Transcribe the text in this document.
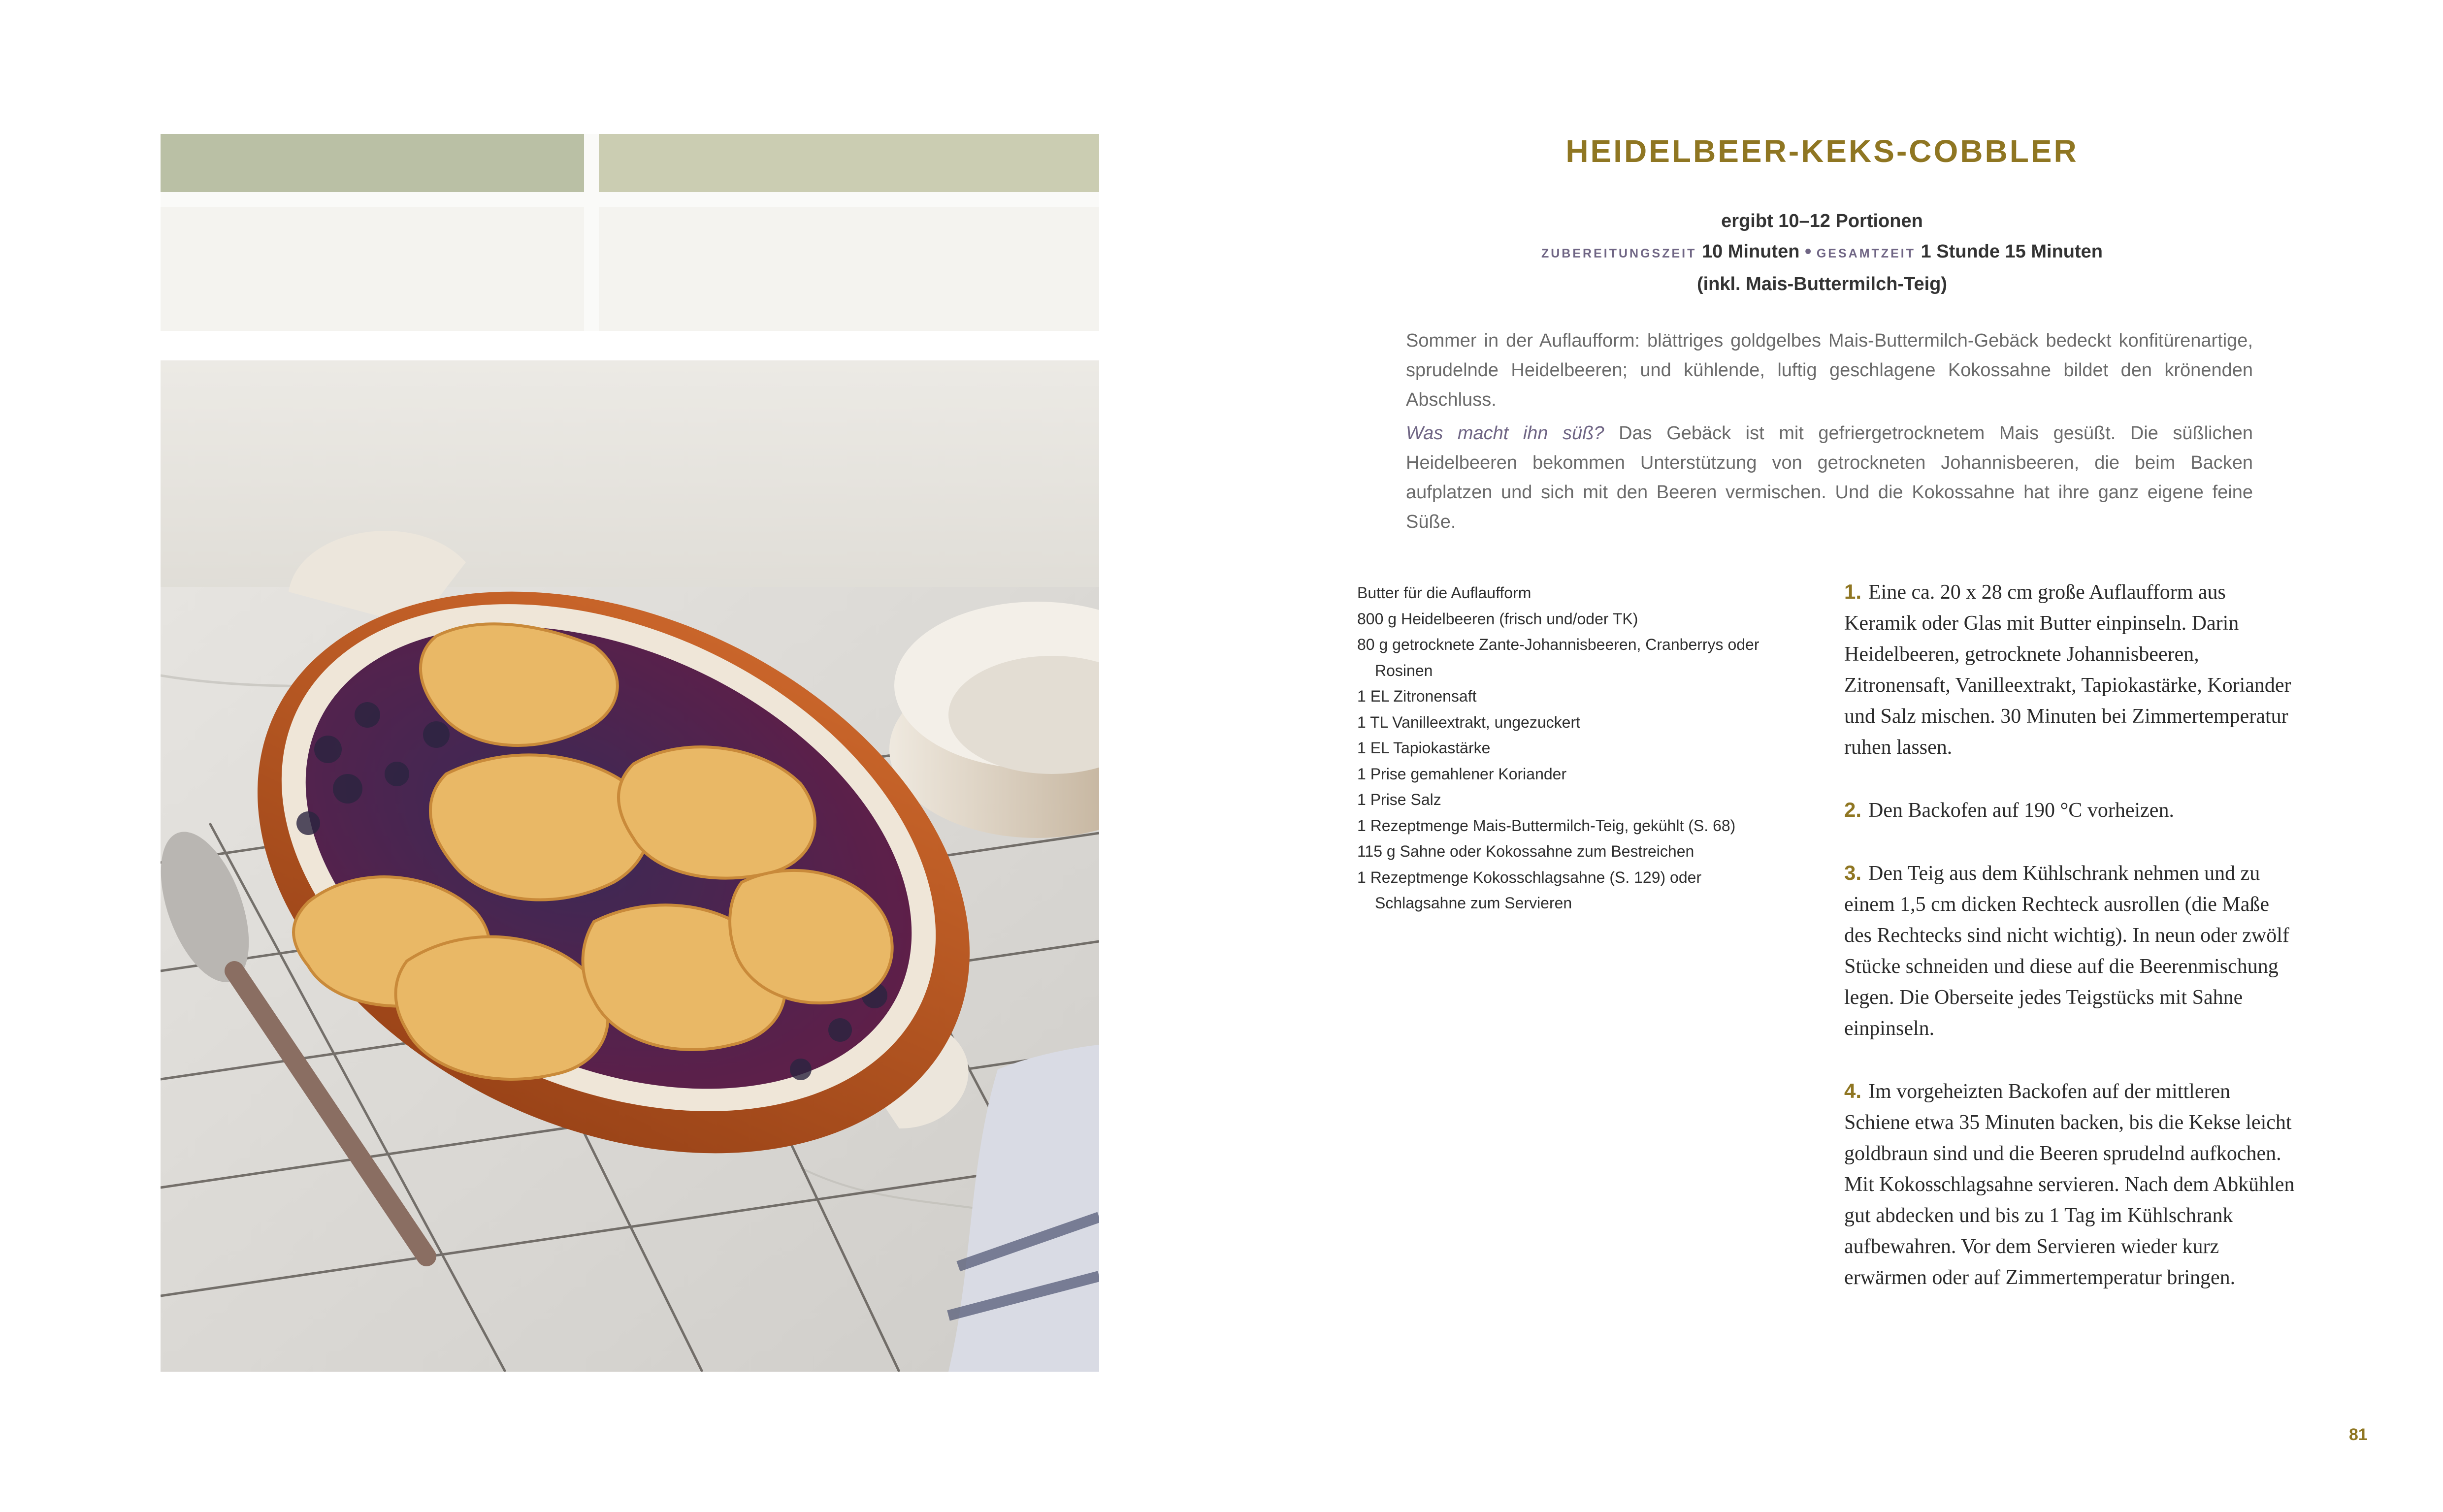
HEIDELBEER-KEKS-COBBLER
ergibt 10–12 Portionen
ZUBEREITUNGSZEIT 10 Minuten • GESAMTZEIT 1 Stunde 15 Minuten
(inkl. Mais-Buttermilch-Teig)

Sommer in der Auflaufform: blättriges goldgelbes Mais-Buttermilch-Gebäck bedeckt konfitürenartige, sprudelnde Heidelbeeren; und kühlende, luftig geschlagene Kokossahne bildet den krönenden Abschluss.

Was macht ihn süß? Das Gebäck ist mit gefriergetrocknetem Mais gesüßt. Die süßlichen Heidelbeeren bekommen Unterstützung von getrockneten Johannisbeeren, die beim Backen aufplatzen und sich mit den Beeren vermischen. Und die Kokossahne hat ihre ganz eigene feine Süße.

Butter für die Auflaufform
800 g Heidelbeeren (frisch und/oder TK)
80 g getrocknete Zante-Johannisbeeren, Cranberrys oder Rosinen
1 EL Zitronensaft
1 TL Vanilleextrakt, ungezuckert
1 EL Tapiokastärke
1 Prise gemahlener Koriander
1 Prise Salz
1 Rezeptmenge Mais-Buttermilch-Teig, gekühlt (S. 68)
115 g Sahne oder Kokossahne zum Bestreichen
1 Rezeptmenge Kokosschlagsahne (S. 129) oder Schlagsahne zum Servieren
1. Eine ca. 20 x 28 cm große Auflaufform aus Keramik oder Glas mit Butter einpinseln. Darin Heidelbeeren, getrocknete Johannisbeeren, Zitronensaft, Vanilleextrakt, Tapiokastärke, Koriander und Salz mischen. 30 Minuten bei Zimmertemperatur ruhen lassen.
2. Den Backofen auf 190 °C vorheizen.
3. Den Teig aus dem Kühlschrank nehmen und zu einem 1,5 cm dicken Rechteck ausrollen (die Maße des Rechtecks sind nicht wichtig). In neun oder zwölf Stücke schneiden und diese auf die Beerenmischung legen. Die Oberseite jedes Teigstücks mit Sahne einpinseln.
4. Im vorgeheizten Backofen auf der mittleren Schiene etwa 35 Minuten backen, bis die Kekse leicht goldbraun sind und die Beeren sprudelnd aufkochen. Mit Kokosschlagsahne servieren. Nach dem Abkühlen gut abdecken und bis zu 1 Tag im Kühlschrank aufbewahren. Vor dem Servieren wieder kurz erwärmen oder auf Zimmertemperatur bringen.
81
